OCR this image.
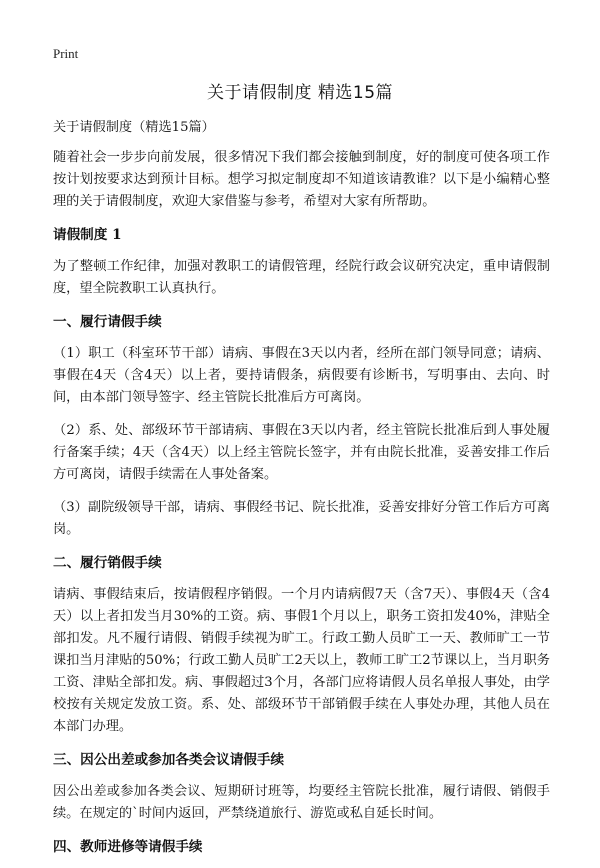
Print
关于请假制度 精选15篇

关于请假制度（精选15篇）

随着社会一步步向前发展，很多情况下我们都会接触到制度，好的制度可使各项工作按计划按要求达到预计目标。想学习拟定制度却不知道该请教谁？以下是小编精心整理的关于请假制度，欢迎大家借鉴与参考，希望对大家有所帮助。

请假制度 1

为了整顿工作纪律，加强对教职工的请假管理，经院行政会议研究决定，重申请假制度，望全院教职工认真执行。

一、履行请假手续

（1）职工（科室环节干部）请病、事假在3天以内者，经所在部门领导同意；请病、事假在4天（含4天）以上者，要持请假条，病假要有诊断书，写明事由、去向、时间，由本部门领导签字、经主管院长批准后方可离岗。

（2）系、处、部级环节干部请病、事假在3天以内者，经主管院长批准后到人事处履行备案手续；4天（含4天）以上经主管院长签字，并有由院长批准，妥善安排工作后方可离岗，请假手续需在人事处备案。

（3）副院级领导干部，请病、事假经书记、院长批准，妥善安排好分管工作后方可离岗。

二、履行销假手续

请病、事假结束后，按请假程序销假。一个月内请病假7天（含7天）、事假4天（含4天）以上者扣发当月30%的工资。病、事假1个月以上，职务工资扣发40%，津贴全部扣发。凡不履行请假、销假手续视为旷工。行政工勤人员旷工一天、教师旷工一节课扣当月津贴的50%；行政工勤人员旷工2天以上，教师工旷工2节课以上，当月职务工资、津贴全部扣发。病、事假超过3个月，各部门应将请假人员名单报人事处，由学校按有关规定发放工资。系、处、部级环节干部销假手续在人事处办理，其他人员在本部门办理。

三、因公出差或参加各类会议请假手续

因公出差或参加各类会议、短期研讨班等，均要经主管院长批准，履行请假、销假手续。在规定的`时间内返回，严禁绕道旅行、游览或私自延长时间。

四、教师进修等请假手续
